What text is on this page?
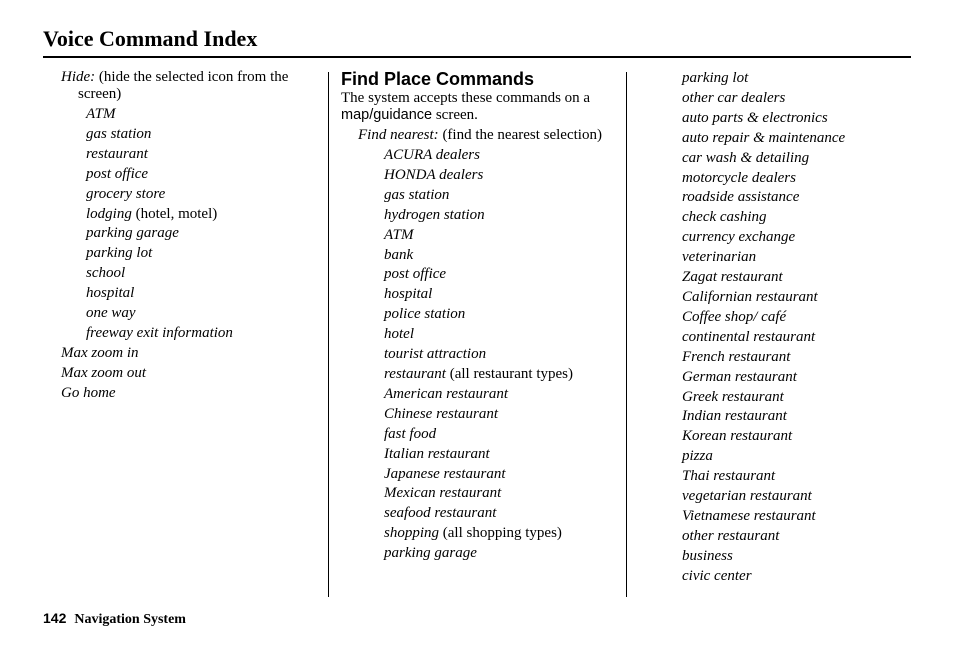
Voice Command Index
Hide: (hide the selected icon from the screen)
ATM
gas station
restaurant
post office
grocery store
lodging (hotel, motel)
parking garage
parking lot
school
hospital
one way
freeway exit information
Max zoom in
Max zoom out
Go home
Find Place Commands
The system accepts these commands on a map/guidance screen.
Find nearest: (find the nearest selection)
ACURA dealers
HONDA dealers
gas station
hydrogen station
ATM
bank
post office
hospital
police station
hotel
tourist attraction
restaurant (all restaurant types)
American restaurant
Chinese restaurant
fast food
Italian restaurant
Japanese restaurant
Mexican restaurant
seafood restaurant
shopping (all shopping types)
parking garage
parking lot
other car dealers
auto parts & electronics
auto repair & maintenance
car wash & detailing
motorcycle dealers
roadside assistance
check cashing
currency exchange
veterinarian
Zagat restaurant
Californian restaurant
Coffee shop/ café
continental restaurant
French restaurant
German restaurant
Greek restaurant
Indian restaurant
Korean restaurant
pizza
Thai restaurant
vegetarian restaurant
Vietnamese restaurant
other restaurant
business
civic center
142 Navigation System
